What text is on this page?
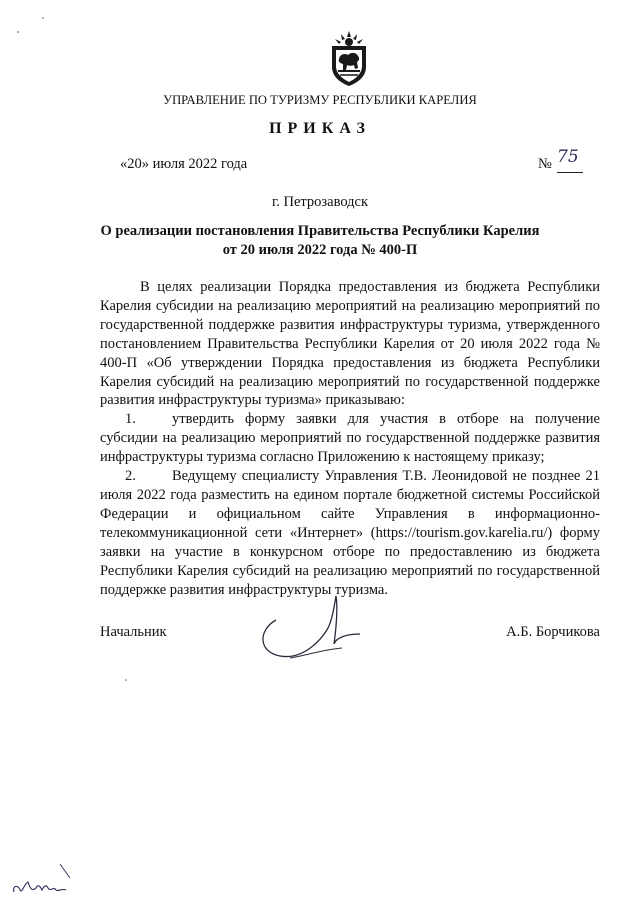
УПРАВЛЕНИЕ ПО ТУРИЗМУ РЕСПУБЛИКИ КАРЕЛИЯ
ПРИКАЗ
«20» июля 2022 года	№ 75
г. Петрозаводск
О реализации постановления Правительства Республики Карелия
от 20 июля 2022 года № 400-П

В целях реализации Порядка предоставления из бюджета Республики Карелия субсидии на реализацию мероприятий на реализацию мероприятий по государственной поддержке развития инфраструктуры туризма, утвержденного постановлением Правительства Республики Карелия от 20 июля 2022 года № 400-П «Об утверждении Порядка предоставления из бюджета Республики Карелия субсидий на реализацию мероприятий по государственной поддержке развития инфраструктуры туризма» приказываю:

1. утвердить форму заявки для участия в отборе на получение субсидии на реализацию мероприятий по государственной поддержке развития инфраструктуры туризма согласно Приложению к настоящему приказу;

2. Ведущему специалисту Управления Т.В. Леонидовой не позднее 21 июля 2022 года разместить на едином портале бюджетной системы Российской Федерации и официальном сайте Управления в информационно-телекоммуникационной сети «Интернет» (https://tourism.gov.karelia.ru/) форму заявки на участие в конкурсном отборе по предоставлению из бюджета Республики Карелия субсидий на реализацию мероприятий по государственной поддержке развития инфраструктуры туризма.

Начальник	А.Б. Борчикова
